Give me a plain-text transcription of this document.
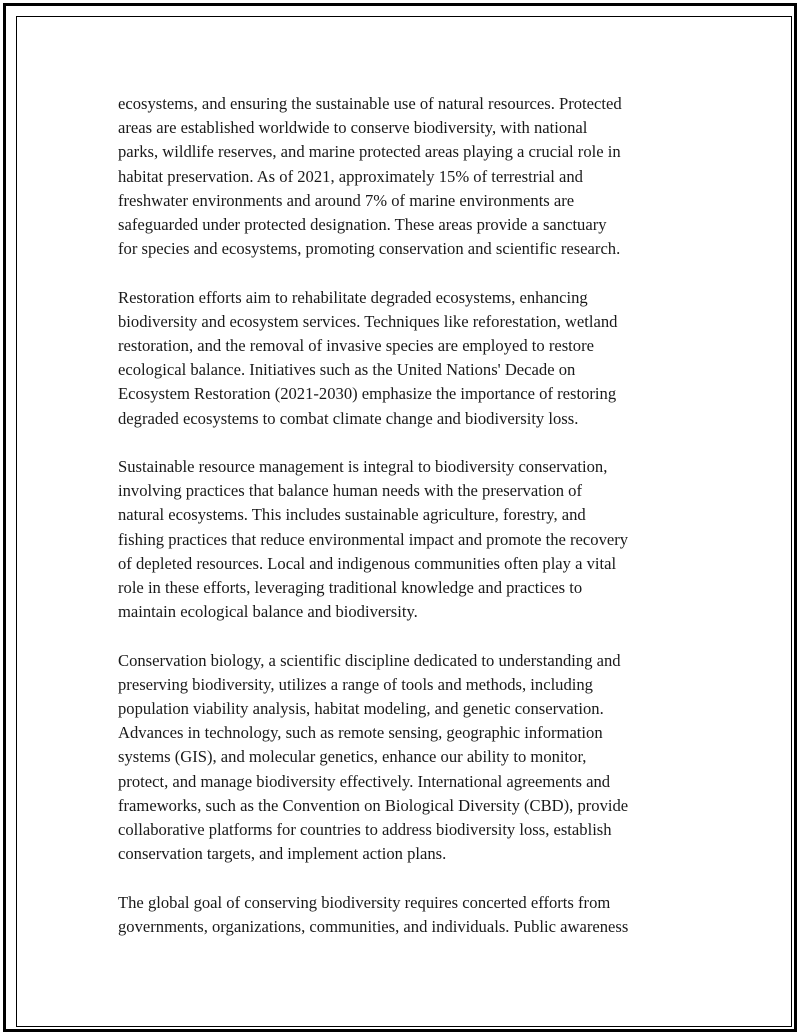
ecosystems, and ensuring the sustainable use of natural resources. Protected
areas are established worldwide to conserve biodiversity, with national
parks, wildlife reserves, and marine protected areas playing a crucial role in
habitat preservation. As of 2021, approximately 15% of terrestrial and
freshwater environments and around 7% of marine environments are
safeguarded under protected designation. These areas provide a sanctuary
for species and ecosystems, promoting conservation and scientific research.

Restoration efforts aim to rehabilitate degraded ecosystems, enhancing
biodiversity and ecosystem services. Techniques like reforestation, wetland
restoration, and the removal of invasive species are employed to restore
ecological balance. Initiatives such as the United Nations' Decade on
Ecosystem Restoration (2021-2030) emphasize the importance of restoring
degraded ecosystems to combat climate change and biodiversity loss.

Sustainable resource management is integral to biodiversity conservation,
involving practices that balance human needs with the preservation of
natural ecosystems. This includes sustainable agriculture, forestry, and
fishing practices that reduce environmental impact and promote the recovery
of depleted resources. Local and indigenous communities often play a vital
role in these efforts, leveraging traditional knowledge and practices to
maintain ecological balance and biodiversity.

Conservation biology, a scientific discipline dedicated to understanding and
preserving biodiversity, utilizes a range of tools and methods, including
population viability analysis, habitat modeling, and genetic conservation.
Advances in technology, such as remote sensing, geographic information
systems (GIS), and molecular genetics, enhance our ability to monitor,
protect, and manage biodiversity effectively. International agreements and
frameworks, such as the Convention on Biological Diversity (CBD), provide
collaborative platforms for countries to address biodiversity loss, establish
conservation targets, and implement action plans.

The global goal of conserving biodiversity requires concerted efforts from
governments, organizations, communities, and individuals. Public awareness
